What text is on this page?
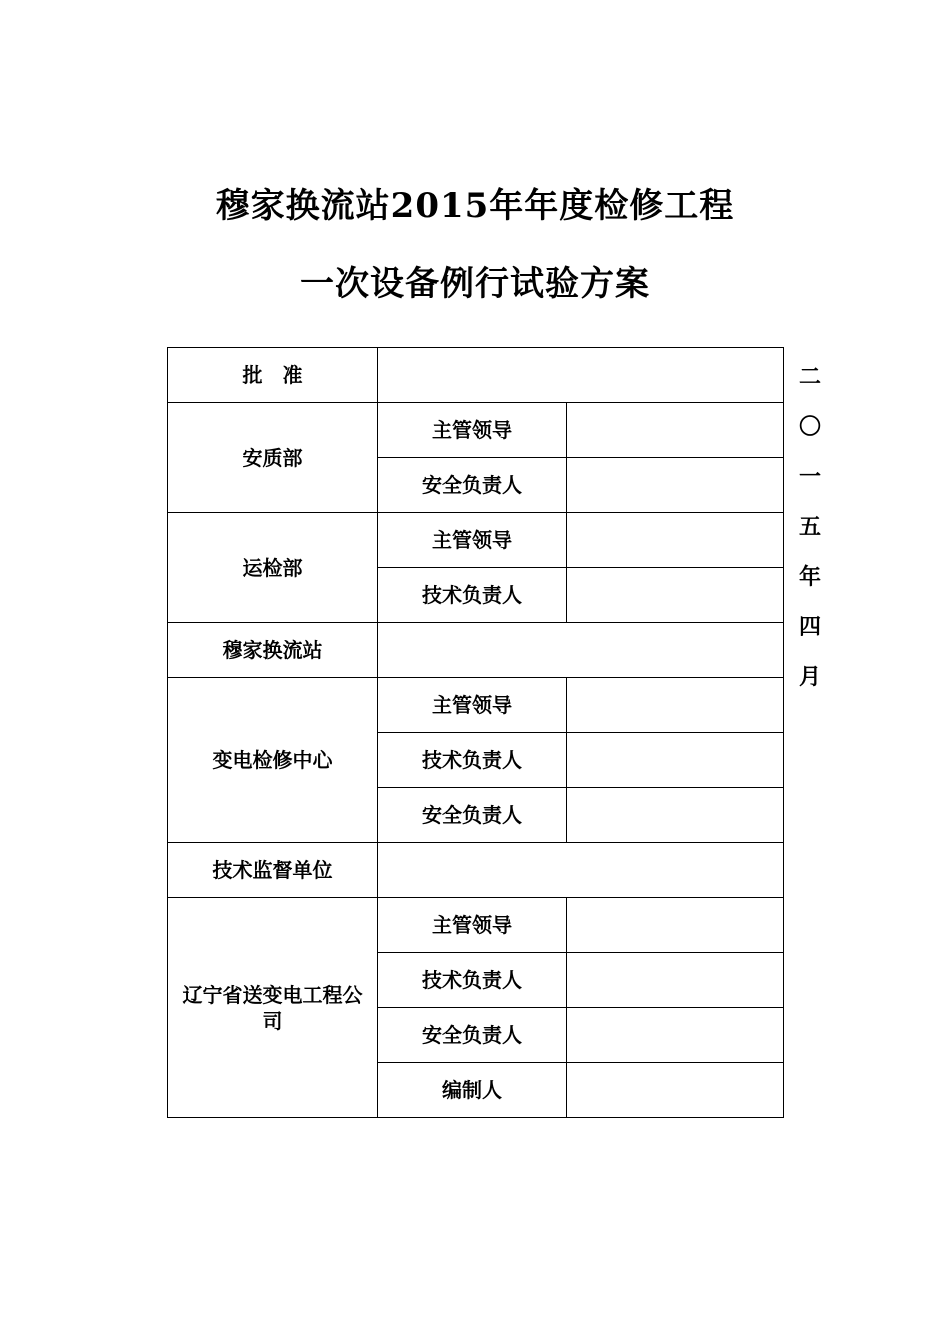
穆家换流站2015年年度检修工程
一次设备例行试验方案
批　准		
安质部	主管领导	
	安全负责人	
运检部	主管领导	
	技术负责人	
穆家换流站		
变电检修中心	主管领导	
	技术负责人	
	安全负责人	
技术监督单位		
辽宁省送变电工程公司	主管领导	
	技术负责人	
	安全负责人	
	编制人	
二
〇
一
五
年
四
月
